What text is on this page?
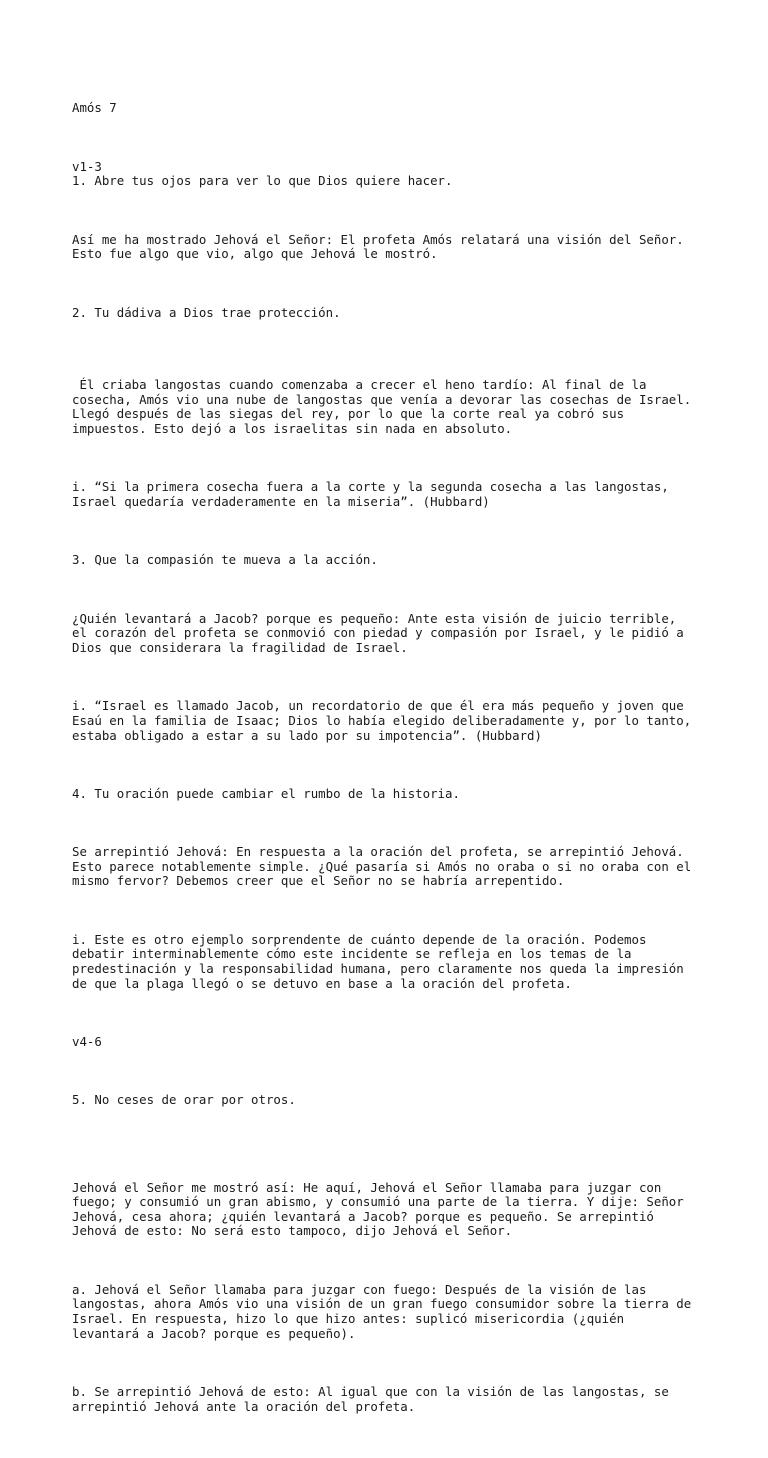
Amós 7

v1-3
1. Abre tus ojos para ver lo que Dios quiere hacer.

Así me ha mostrado Jehová el Señor: El profeta Amós relatará una visión del Señor.
Esto fue algo que vio, algo que Jehová le mostró.

2. Tu dádiva a Dios trae protección.

Él criaba langostas cuando comenzaba a crecer el heno tardío: Al final de la
cosecha, Amós vio una nube de langostas que venía a devorar las cosechas de Israel.
Llegó después de las siegas del rey, por lo que la corte real ya cobró sus
impuestos. Esto dejó a los israelitas sin nada en absoluto.

i. “Si la primera cosecha fuera a la corte y la segunda cosecha a las langostas,
Israel quedaría verdaderamente en la miseria”. (Hubbard)

3. Que la compasión te mueva a la acción.

¿Quién levantará a Jacob? porque es pequeño: Ante esta visión de juicio terrible,
el corazón del profeta se conmovió con piedad y compasión por Israel, y le pidió a
Dios que considerara la fragilidad de Israel.

i. “Israel es llamado Jacob, un recordatorio de que él era más pequeño y joven que
Esaú en la familia de Isaac; Dios lo había elegido deliberadamente y, por lo tanto,
estaba obligado a estar a su lado por su impotencia”. (Hubbard)

4. Tu oración puede cambiar el rumbo de la historia.

Se arrepintió Jehová: En respuesta a la oración del profeta, se arrepintió Jehová.
Esto parece notablemente simple. ¿Qué pasaría si Amós no oraba o si no oraba con el
mismo fervor? Debemos creer que el Señor no se habría arrepentido.

i. Este es otro ejemplo sorprendente de cuánto depende de la oración. Podemos
debatir interminablemente cómo este incidente se refleja en los temas de la
predestinación y la responsabilidad humana, pero claramente nos queda la impresión
de que la plaga llegó o se detuvo en base a la oración del profeta.

v4-6

5. No ceses de orar por otros.

Jehová el Señor me mostró así: He aquí, Jehová el Señor llamaba para juzgar con
fuego; y consumió un gran abismo, y consumió una parte de la tierra. Y dije: Señor
Jehová, cesa ahora; ¿quién levantará a Jacob? porque es pequeño. Se arrepintió
Jehová de esto: No será esto tampoco, dijo Jehová el Señor.

a. Jehová el Señor llamaba para juzgar con fuego: Después de la visión de las
langostas, ahora Amós vio una visión de un gran fuego consumidor sobre la tierra de
Israel. En respuesta, hizo lo que hizo antes: suplicó misericordia (¿quién
levantará a Jacob? porque es pequeño).

b. Se arrepintió Jehová de esto: Al igual que con la visión de las langostas, se
arrepintió Jehová ante la oración del profeta.
